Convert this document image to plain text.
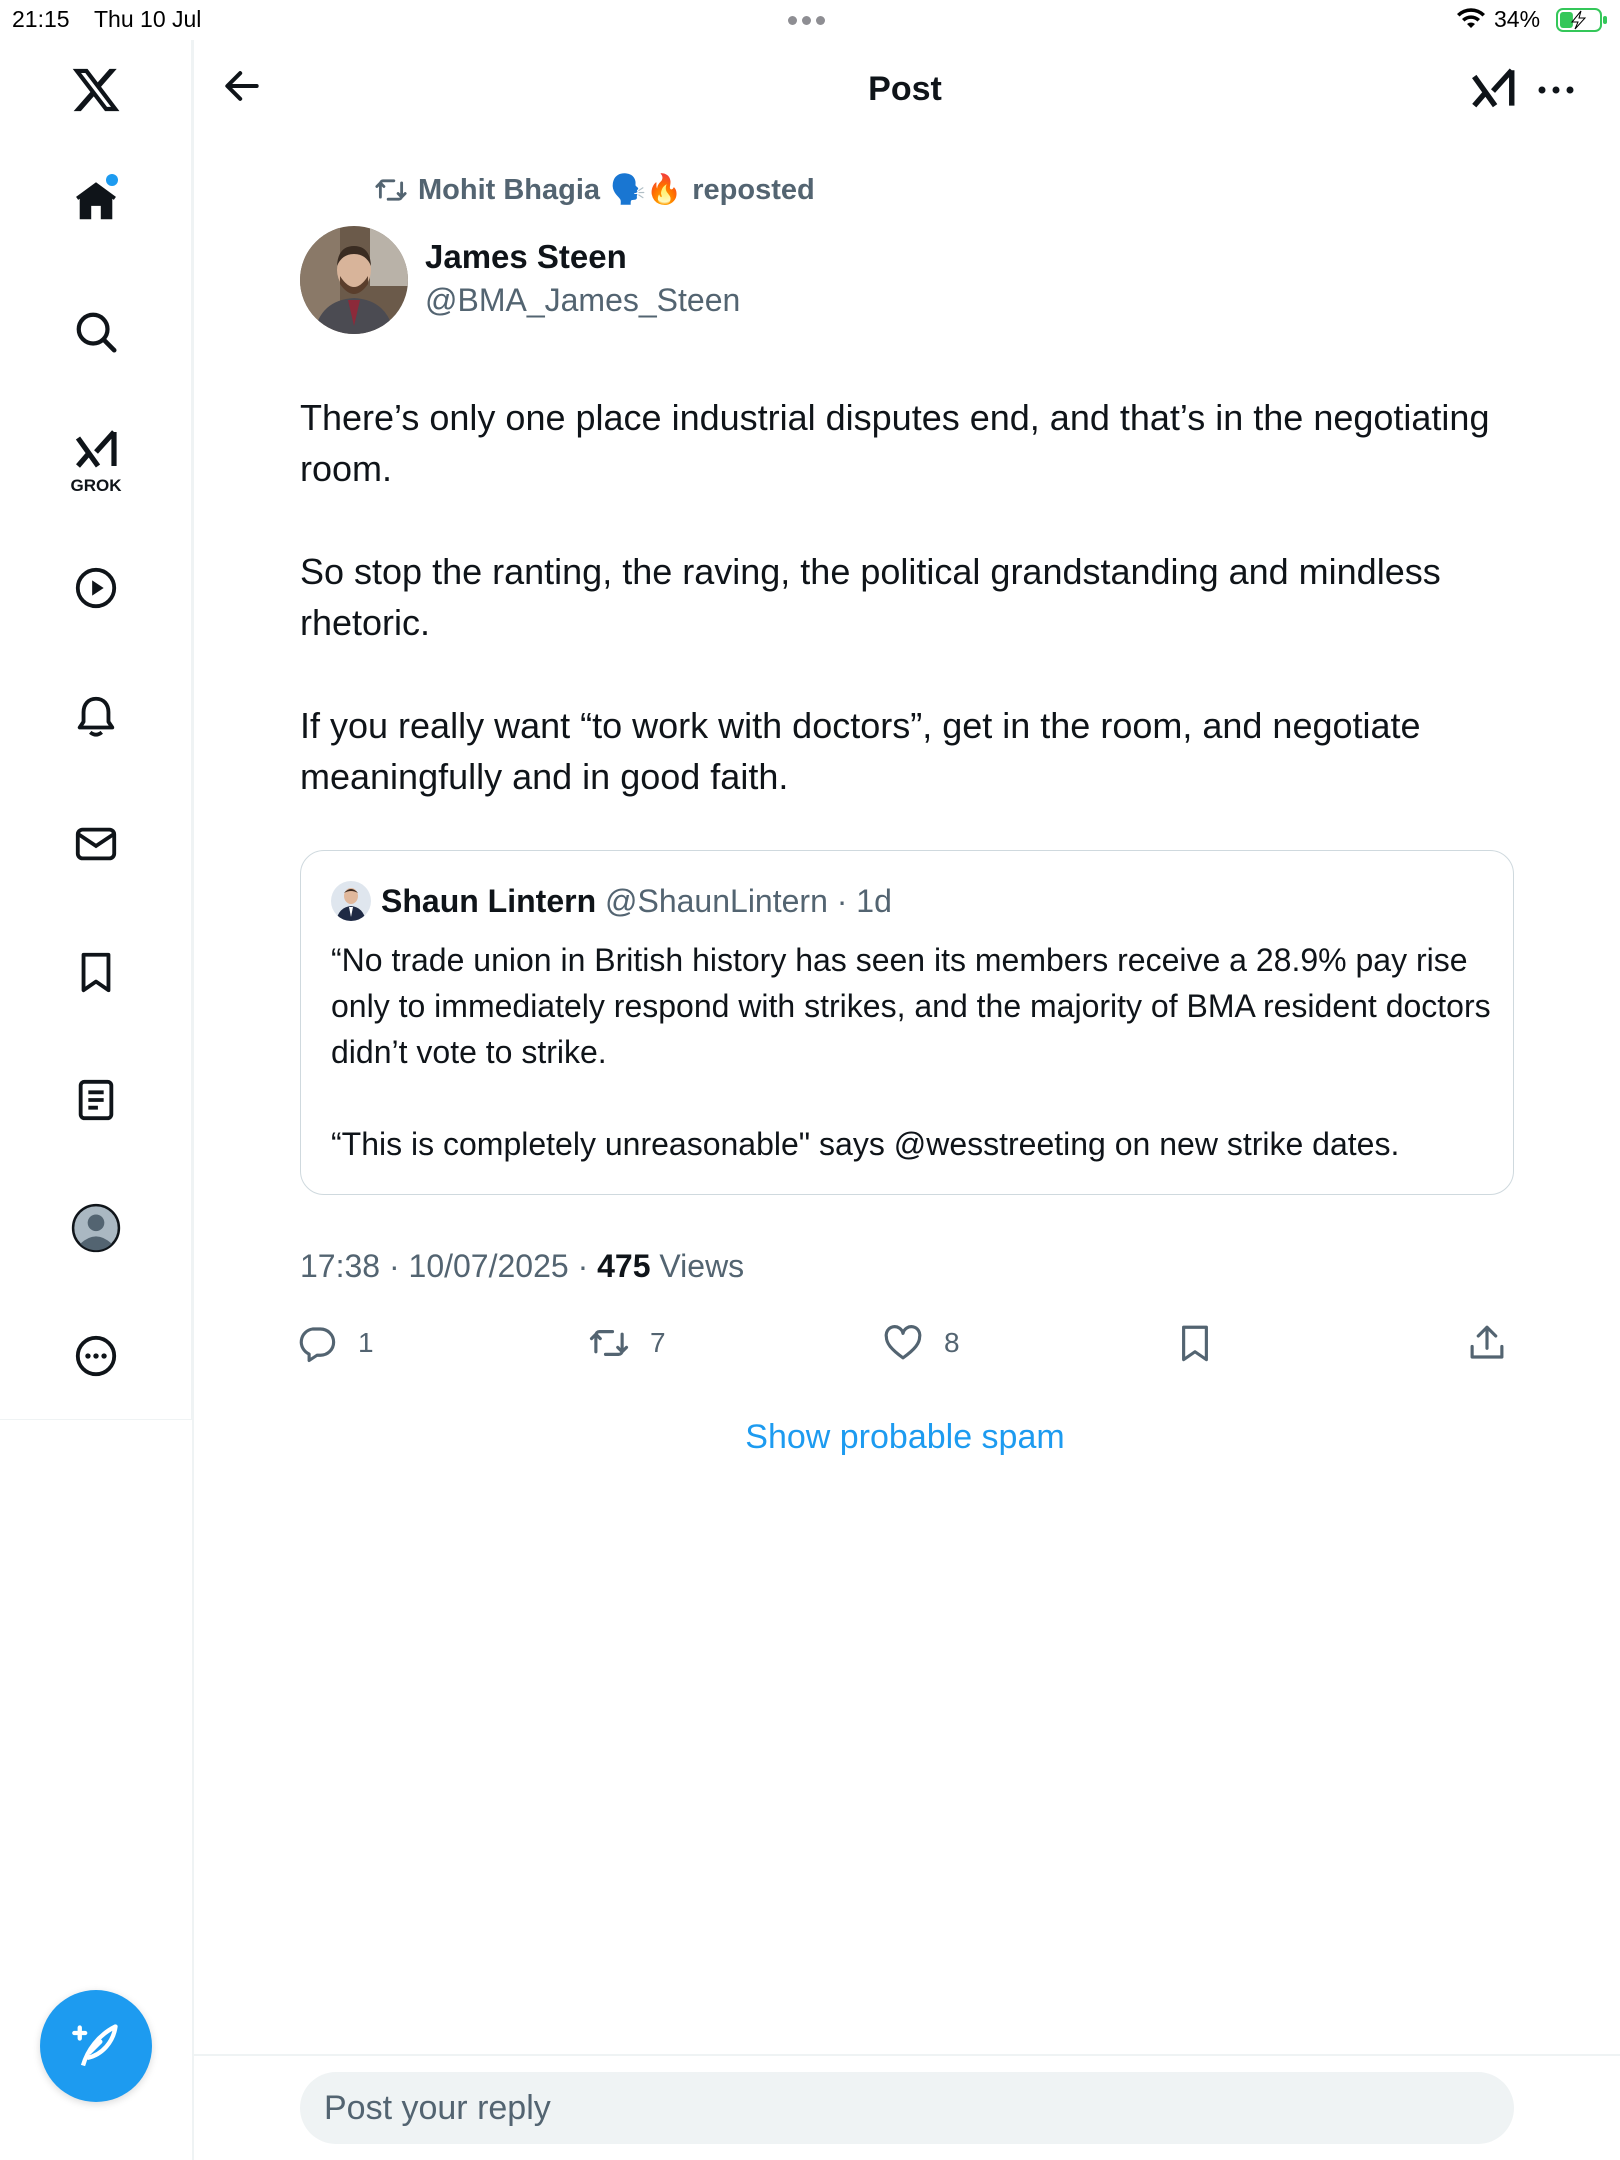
21:15 Thu 10 Jul	34%
GROK
Post
Mohit Bhagia 🗣️🔥 reposted
James Steen
@BMA_James_Steen

There’s only one place industrial disputes end, and that’s in the negotiating room.

So stop the ranting, the raving, the political grandstanding and mindless rhetoric.

If you really want “to work with doctors”, get in the room, and negotiate meaningfully and in good faith.

Shaun Lintern @ShaunLintern · 1d

“No trade union in British history has seen its members receive a 28.9% pay rise only to immediately respond with strikes, and the majority of BMA resident doctors didn’t vote to strike.

“This is completely unreasonable" says @wesstreeting on new strike dates.

17:38 · 10/07/2025 · 475 Views
1	7	8
Show probable spam
Post your reply
